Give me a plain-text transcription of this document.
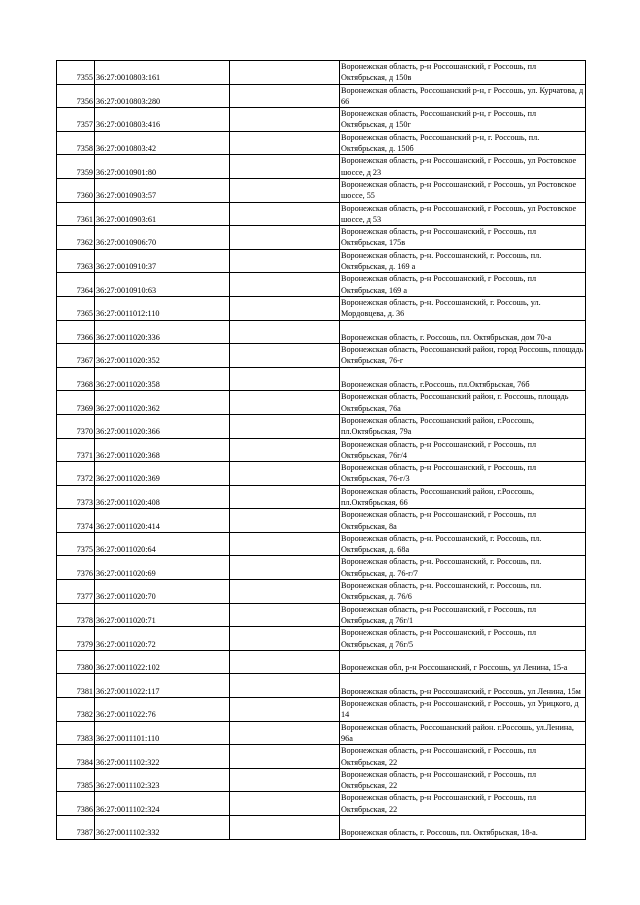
7355	36:27:0010803:161		Воронежская область, р-н Россошанский, г Россошь, пл Октябрьская, д 150в
7356	36:27:0010803:280		Воронежская область, Россошанский р-н, г Россошь, ул. Курчатова, д 66
7357	36:27:0010803:416		Воронежская область, Россошанский р-н, г Россошь, пл Октябрьская, д 150г
7358	36:27:0010803:42		Воронежская область, Россошанский р-н, г. Россошь, пл. Октябрьская, д. 150б
7359	36:27:0010901:80		Воронежская область, р-н Россошанский, г Россошь, ул Ростовское шоссе, д 23
7360	36:27:0010903:57		Воронежская область, р-н Россошанский, г Россошь, ул Ростовское шоссе, 55
7361	36:27:0010903:61		Воронежская область, р-н Россошанский, г Россошь, ул Ростовское шоссе, д 53
7362	36:27:0010906:70		Воронежская область, р-н Россошанский, г Россошь, пл Октябрьская, 175в
7363	36:27:0010910:37		Воронежская область, р-н. Россошанский, г. Россошь, пл. Октябрьская, д. 169 а
7364	36:27:0010910:63		Воронежская область, р-н Россошанский, г Россошь, пл Октябрьская, 169 а
7365	36:27:0011012:110		Воронежская область, р-н. Россошанский, г. Россошь, ул. Мордовцева, д. 36
7366	36:27:0011020:336		Воронежская область, г. Россошь, пл. Октябрьская, дом 70-а
7367	36:27:0011020:352		Воронежская область, Россошанский район, город Россошь, площадь Октябрьская, 76-г
7368	36:27:0011020:358		Воронежская область, г.Россошь, пл.Октябрьская, 76б
7369	36:27:0011020:362		Воронежская область, Россошанский район, г. Россошь, площадь Октябрьская, 76а
7370	36:27:0011020:366		Воронежская область, Россошанский район, г.Россошь, пл.Октябрьская, 79а
7371	36:27:0011020:368		Воронежская область, р-н Россошанский, г Россошь, пл Октябрьская, 76г/4
7372	36:27:0011020:369		Воронежская область, р-н Россошанский, г Россошь, пл Октябрьская, 76-г/3
7373	36:27:0011020:408		Воронежская область, Россошанский район, г.Россошь, пл.Октябрьская, 66
7374	36:27:0011020:414		Воронежская область, р-н Россошанский, г Россошь, пл Октябрьская, 8а
7375	36:27:0011020:64		Воронежская область, р-н. Россошанский, г. Россошь, пл. Октябрьская, д. 68а
7376	36:27:0011020:69		Воронежская область, р-н. Россошанский, г. Россошь, пл. Октябрьская, д. 76-г/7
7377	36:27:0011020:70		Воронежская область, р-н. Россошанский, г. Россошь, пл. Октябрьская, д. 76/6
7378	36:27:0011020:71		Воронежская область, р-н Россошанский, г Россошь, пл Октябрьская, д 76г/1
7379	36:27:0011020:72		Воронежская область, р-н Россошанский, г Россошь, пл Октябрьская, д 76г/5
7380	36:27:0011022:102		Воронежская обл, р-н Россошанский, г Россошь, ул Ленина, 15-а
7381	36:27:0011022:117		Воронежская область, р-н Россошанский, г Россошь, ул Ленина, 15м
7382	36:27:0011022:76		Воронежская область, р-н Россошанский, г Россошь, ул Урицкого, д 14
7383	36:27:0011101:110		Воронежская область, Россошанский район. г.Россошь, ул.Ленина, 96а
7384	36:27:0011102:322		Воронежская область, р-н Россошанский, г Россошь, пл Октябрьская, 22
7385	36:27:0011102:323		Воронежская область, р-н Россошанский, г Россошь, пл Октябрьская, 22
7386	36:27:0011102:324		Воронежская область, р-н Россошанский, г Россошь, пл Октябрьская, 22
7387	36:27:0011102:332		Воронежская область, г. Россошь, пл. Октябрьская, 18-а.
